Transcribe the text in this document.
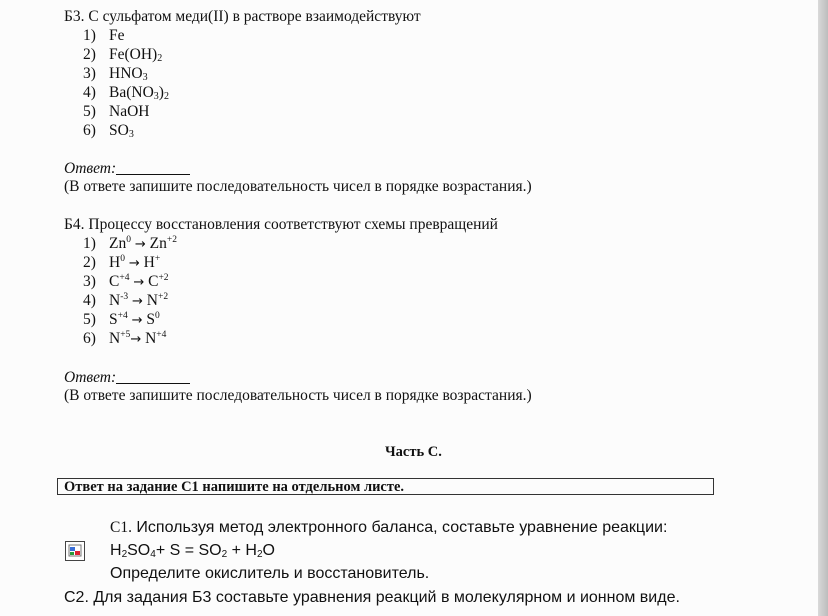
Б3. С сульфатом меди(II) в растворе взаимодействуют
1) Fe
2) $Fe(OH)_2$
3) $HNO_3$
4) $Ba(NO_3)_2$
5) NaOH
6) $SO_3$
Ответ:
(В ответе запишите последовательность чисел в порядке возрастания.)
Б4. Процессу восстановления соответствуют схемы превращений
1) $Zn^0 \to Zn^{+2}$
2) $H^0 \to H^+$
3) $C^{+4} \to C^{+2}$
4) $N^{-3} \to N^{+2}$
5) $S^{+4} \to S^0$
6) $N^{+5}\to N^{+4}$
Ответ:
(В ответе запишите последовательность чисел в порядке возрастания.)
Часть С.
Ответ на задание С1 напишите на отдельном листе.
С1. Используя метод электронного баланса, составьте уравнение реакции:
$H_2SO_4+ S = SO_2 + H_2O$
Определите окислитель и восстановитель.
С2. Для задания Б3 составьте уравнения реакций в молекулярном и ионном виде.
